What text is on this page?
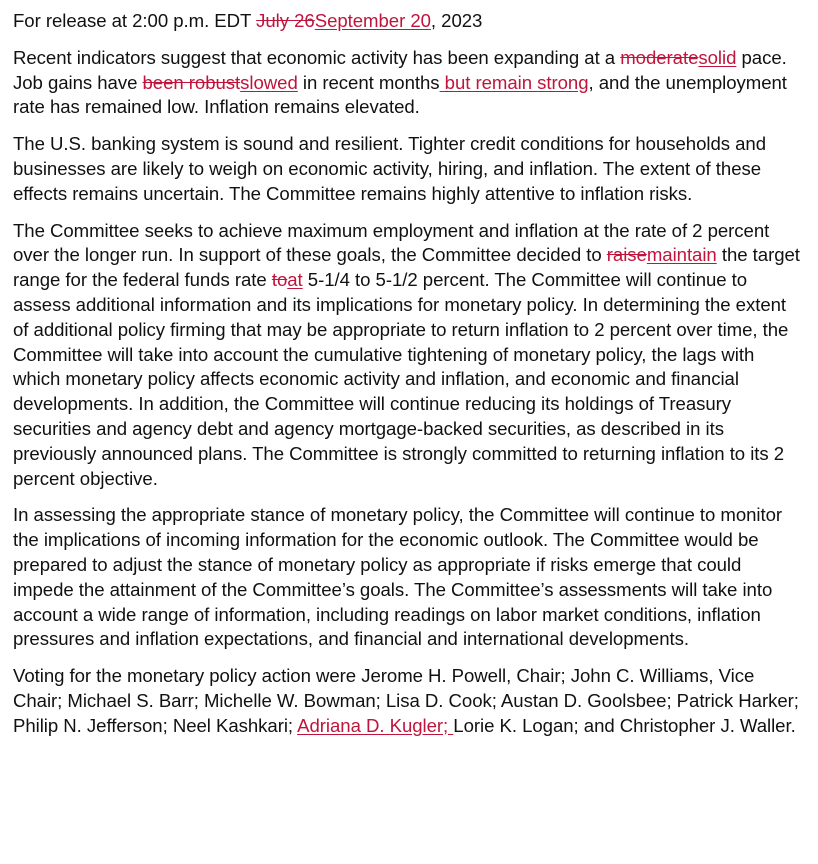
For release at 2:00 p.m. EDT July 26September 20, 2023

Recent indicators suggest that economic activity has been expanding at a moderatesolid pace. Job gains have been robustslowed in recent months but remain strong, and the unemployment rate has remained low. Inflation remains elevated.

The U.S. banking system is sound and resilient. Tighter credit conditions for households and businesses are likely to weigh on economic activity, hiring, and inflation. The extent of these effects remains uncertain. The Committee remains highly attentive to inflation risks.

The Committee seeks to achieve maximum employment and inflation at the rate of 2 percent over the longer run. In support of these goals, the Committee decided to raisemaintain the target range for the federal funds rate toat 5-1/4 to 5-1/2 percent. The Committee will continue to assess additional information and its implications for monetary policy. In determining the extent of additional policy firming that may be appropriate to return inflation to 2 percent over time, the Committee will take into account the cumulative tightening of monetary policy, the lags with which monetary policy affects economic activity and inflation, and economic and financial developments. In addition, the Committee will continue reducing its holdings of Treasury securities and agency debt and agency mortgage-backed securities, as described in its previously announced plans. The Committee is strongly committed to returning inflation to its 2 percent objective.

In assessing the appropriate stance of monetary policy, the Committee will continue to monitor the implications of incoming information for the economic outlook. The Committee would be prepared to adjust the stance of monetary policy as appropriate if risks emerge that could impede the attainment of the Committee’s goals. The Committee’s assessments will take into account a wide range of information, including readings on labor market conditions, inflation pressures and inflation expectations, and financial and international developments.

Voting for the monetary policy action were Jerome H. Powell, Chair; John C. Williams, Vice Chair; Michael S. Barr; Michelle W. Bowman; Lisa D. Cook; Austan D. Goolsbee; Patrick Harker; Philip N. Jefferson; Neel Kashkari; Adriana D. Kugler; Lorie K. Logan; and Christopher J. Waller.
